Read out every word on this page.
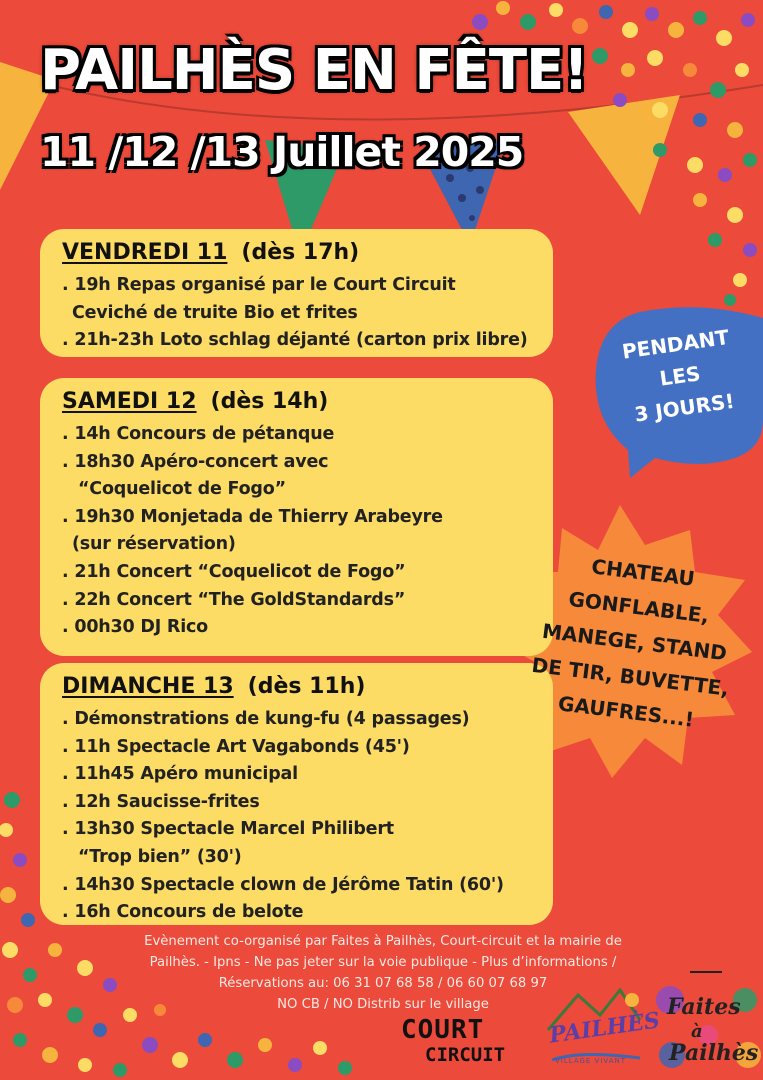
PAILHÈS EN FÊTE!
11 /12 /13 Juillet 2025
VENDREDI 11 (dès 17h)
. 19h Repas organisé par le Court Circuit
Ceviché de truite Bio et frites
. 21h-23h Loto schlag déjanté (carton prix libre)
SAMEDI 12 (dès 14h)
. 14h Concours de pétanque
. 18h30 Apéro-concert avec
“Coquelicot de Fogo”
. 19h30 Monjetada de Thierry Arabeyre
(sur réservation)
. 21h Concert “Coquelicot de Fogo”
. 22h Concert “The GoldStandards”
. 00h30 DJ Rico
DIMANCHE 13 (dès 11h)
. Démonstrations de kung-fu (4 passages)
. 11h Spectacle Art Vagabonds (45')
. 11h45 Apéro municipal
. 12h Saucisse-frites
. 13h30 Spectacle Marcel Philibert
“Trop bien” (30')
. 14h30 Spectacle clown de Jérôme Tatin (60')
. 16h Concours de belote
PENDANT
LES
3 JOURS!
CHATEAU
GONFLABLE,
MANEGE, STAND
DE TIR, BUVETTE,
GAUFRES...!
Evènement co-organisé par Faites à Pailhès, Court-circuit et la mairie de
Pailhès. - Ipns - Ne pas jeter sur la voie publique - Plus d’informations /
Réservations au: 06 31 07 68 58 / 06 60 07 68 97
NO CB / NO Distrib sur le village
COURT
CIRCUIT
PAILHÈS
VILLAGE VIVANT
Faites
à
Pailhès
